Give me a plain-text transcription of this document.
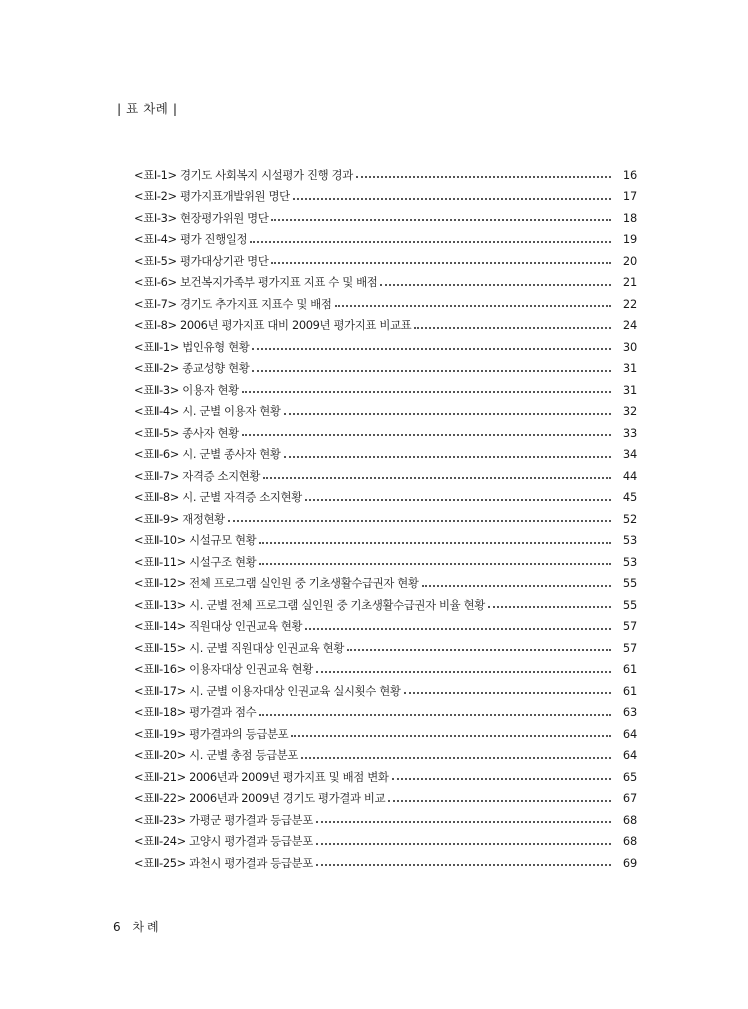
| 표 차례 |
<표Ⅰ-1> 경기도 사회복지 시설평가 진행 경과	16
<표Ⅰ-2> 평가지표개발위원 명단	17
<표Ⅰ-3> 현장평가위원 명단	18
<표Ⅰ-4> 평가 진행일정	19
<표Ⅰ-5> 평가대상기관 명단	20
<표Ⅰ-6> 보건복지가족부 평가지표 지표 수 및 배점	21
<표Ⅰ-7> 경기도 추가지표 지표수 및 배점	22
<표Ⅰ-8> 2006년 평가지표 대비 2009년 평가지표 비교표	24
<표Ⅱ-1> 법인유형 현황	30
<표Ⅱ-2> 종교성향 현황	31
<표Ⅱ-3> 이용자 현황	31
<표Ⅱ-4> 시. 군별 이용자 현황	32
<표Ⅱ-5> 종사자 현황	33
<표Ⅱ-6> 시. 군별 종사자 현황	34
<표Ⅱ-7> 자격증 소지현황	44
<표Ⅱ-8> 시. 군별 자격증 소지현황	45
<표Ⅱ-9> 재정현황	52
<표Ⅱ-10> 시설규모 현황	53
<표Ⅱ-11> 시설구조 현황	53
<표Ⅱ-12> 전체 프로그램 실인원 중 기초생활수급권자 현황	55
<표Ⅱ-13> 시. 군별 전체 프로그램 실인원 중 기초생활수급권자 비율 현황	55
<표Ⅱ-14> 직원대상 인권교육 현황	57
<표Ⅱ-15> 시. 군별 직원대상 인권교육 현황	57
<표Ⅱ-16> 이용자대상 인권교육 현황	61
<표Ⅱ-17> 시. 군별 이용자대상 인권교육 실시횟수 현황	61
<표Ⅱ-18> 평가결과 점수	63
<표Ⅱ-19> 평가결과의 등급분포	64
<표Ⅱ-20> 시. 군별 총점 등급분포	64
<표Ⅱ-21> 2006년과 2009년 평가지표 및 배점 변화	65
<표Ⅱ-22> 2006년과 2009년 경기도 평가결과 비교	67
<표Ⅱ-23> 가평군 평가결과 등급분포	68
<표Ⅱ-24> 고양시 평가결과 등급분포	68
<표Ⅱ-25> 과천시 평가결과 등급분포	69
6 차례
